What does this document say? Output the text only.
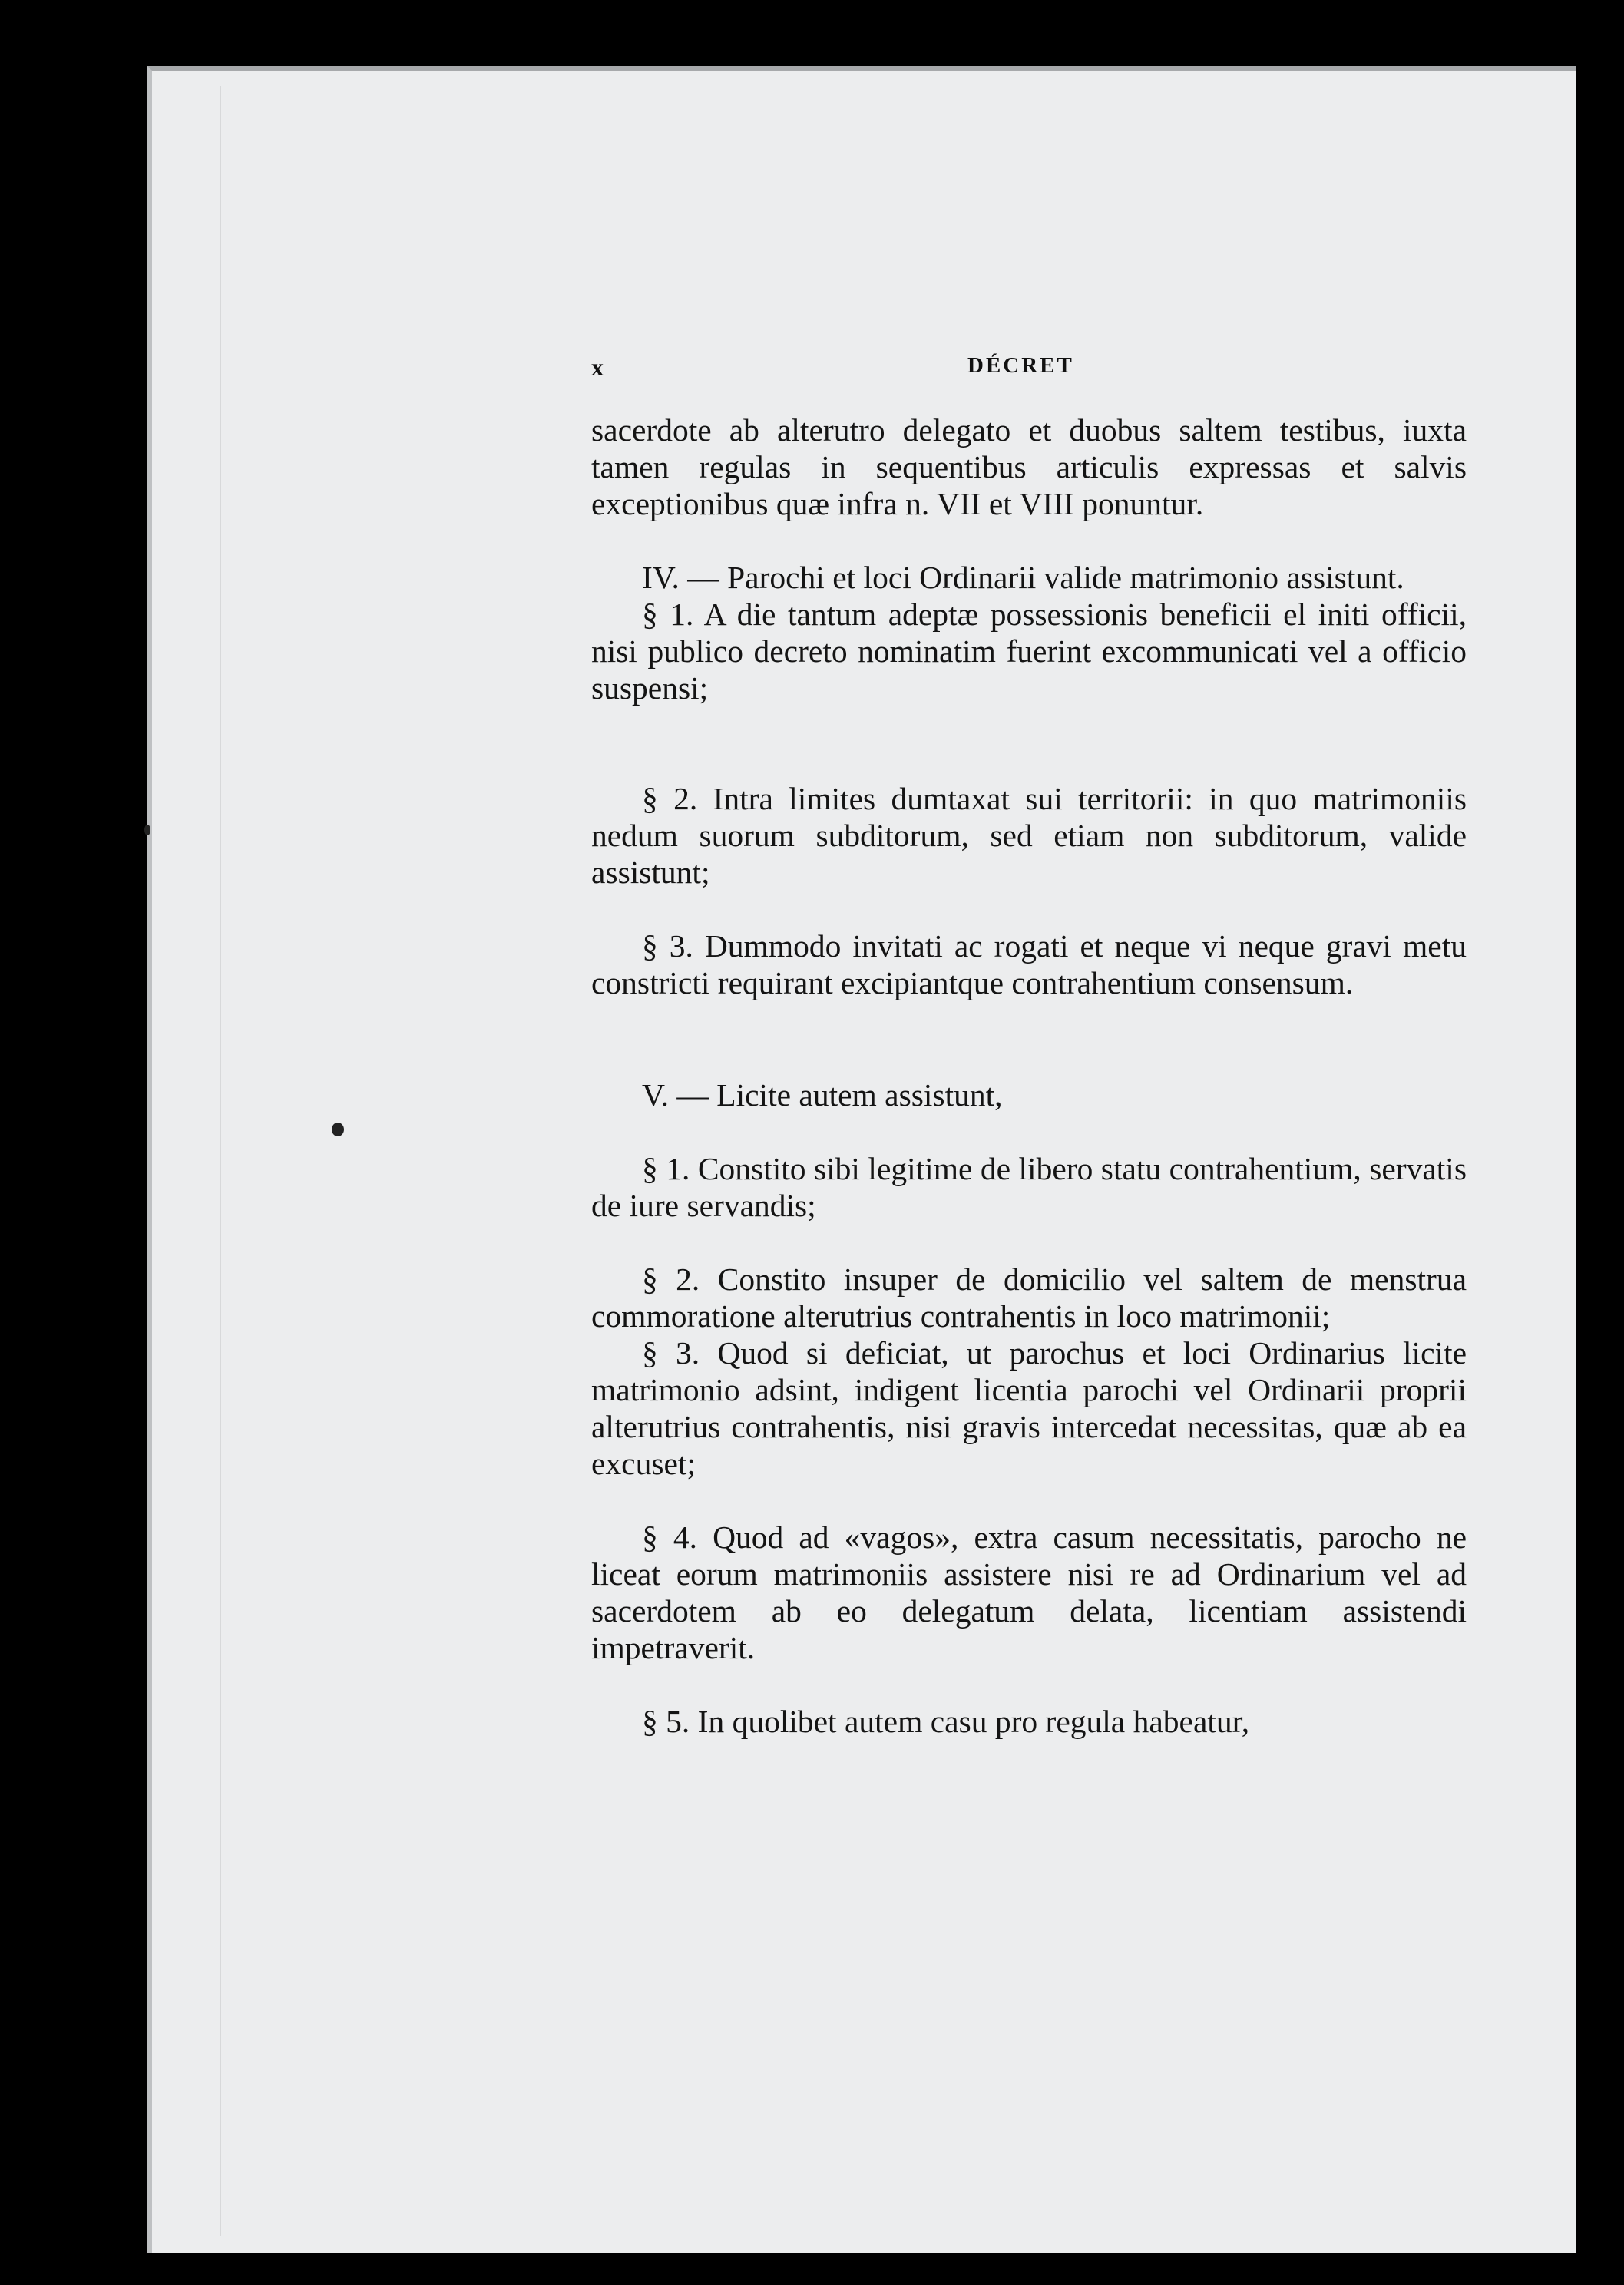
x	DÉCRET

sacerdote ab alterutro delegato et duobus saltem testibus, iuxta tamen regulas in sequentibus articulis expressas et salvis exceptionibus quæ infra n. VII et VIII ponuntur.

IV. — Parochi et loci Ordinarii valide matrimonio assistunt.

§ 1. A die tantum adeptæ possessionis beneficii el initi officii, nisi publico decreto nominatim fuerint excommunicati vel a officio suspensi;

§ 2. Intra limites dumtaxat sui territorii: in quo matrimoniis nedum suorum subditorum, sed etiam non subditorum, valide assistunt;

§ 3. Dummodo invitati ac rogati et neque vi neque gravi metu constricti requirant excipiantque contrahentium consensum.

V. — Licite autem assistunt,

§ 1. Constito sibi legitime de libero statu contrahentium, servatis de iure servandis;

§ 2. Constito insuper de domicilio vel saltem de menstrua commoratione alterutrius contrahentis in loco matrimonii;

§ 3. Quod si deficiat, ut parochus et loci Ordinarius licite matrimonio adsint, indigent licentia parochi vel Ordinarii proprii alterutrius contrahentis, nisi gravis intercedat necessitas, quæ ab ea excuset;

§ 4. Quod ad «vagos», extra casum necessitatis, parocho ne liceat eorum matrimoniis assistere nisi re ad Ordinarium vel ad sacerdotem ab eo delegatum delata, licentiam assistendi impetraverit.

§ 5. In quolibet autem casu pro regula habeatur,
